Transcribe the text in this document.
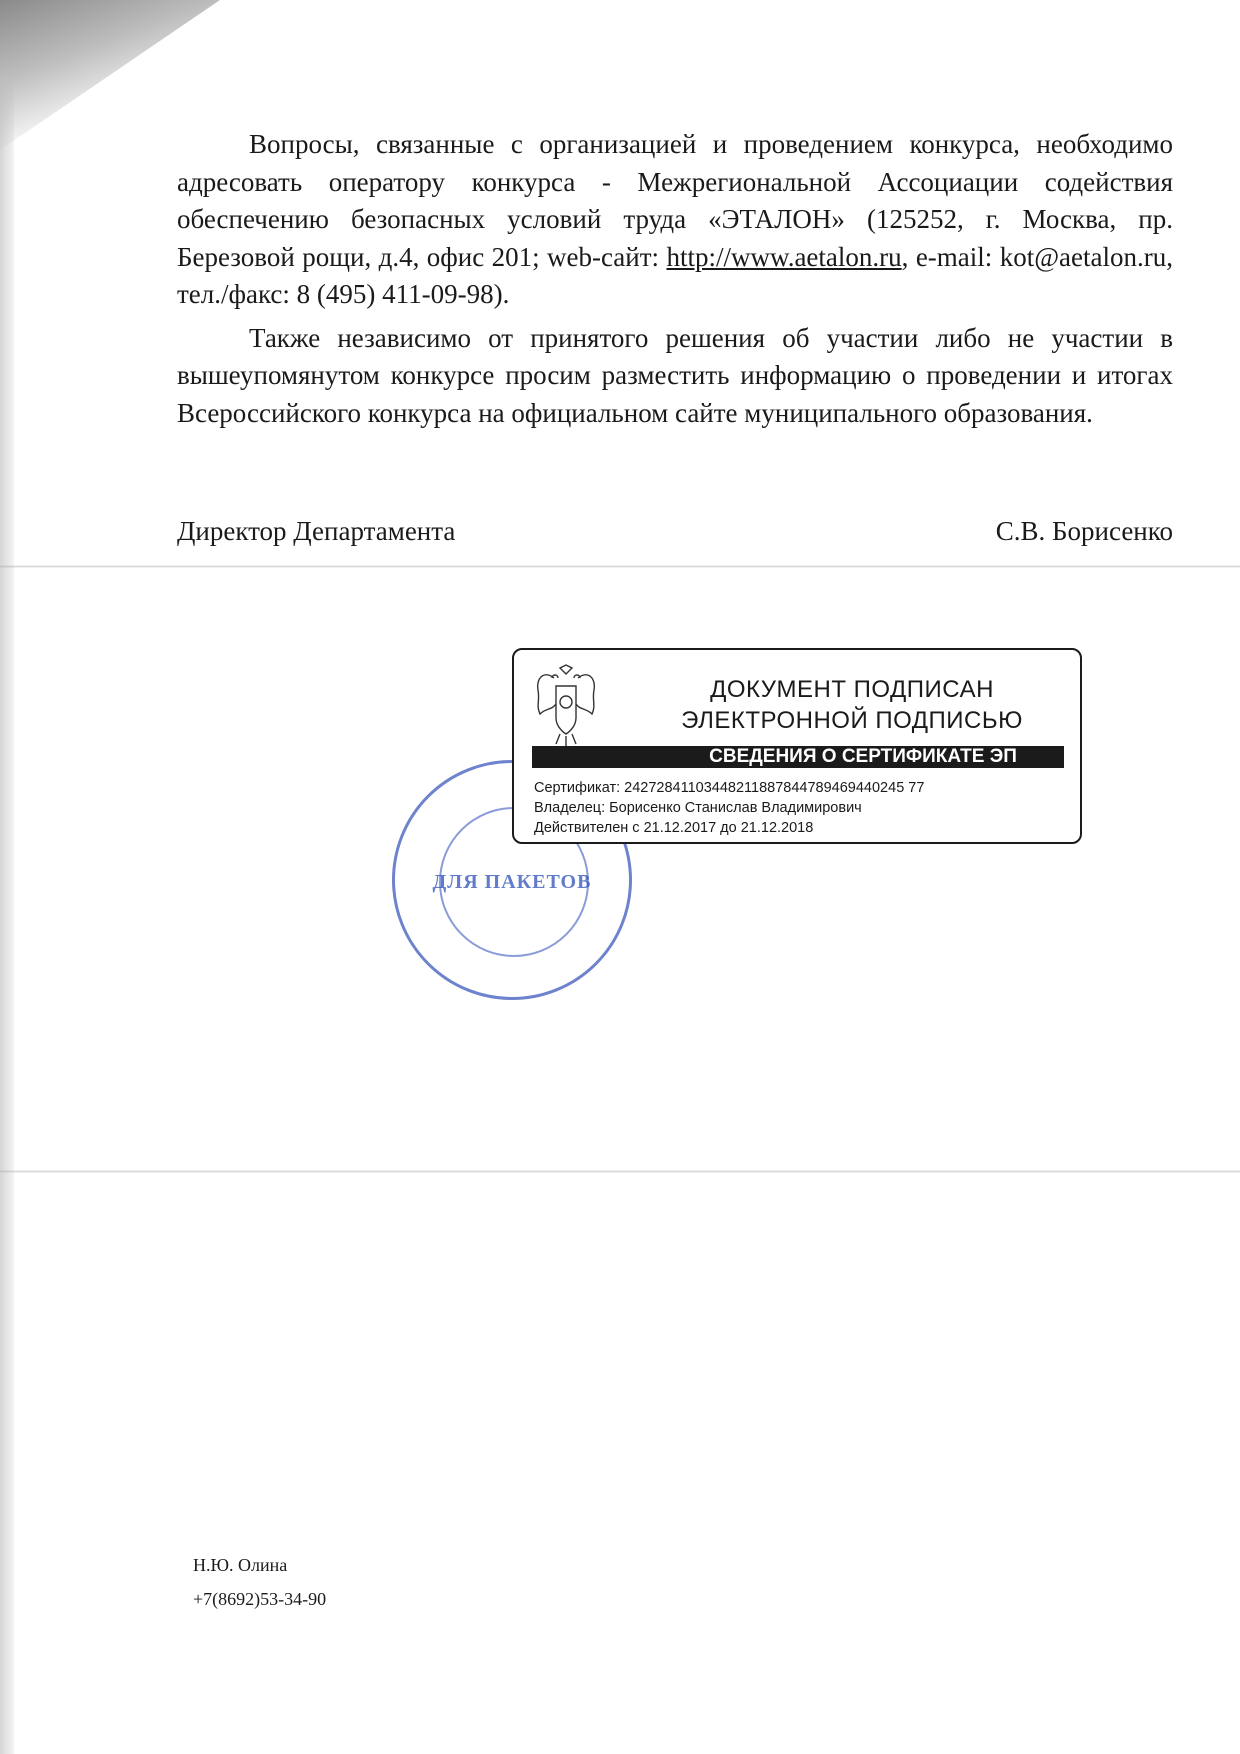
Вопросы, связанные с организацией и проведением конкурса, необходимо адресовать оператору конкурса - Межрегиональной Ассоциации содействия обеспечению безопасных условий труда «ЭТАЛОН» (125252, г. Москва, пр. Березовой рощи, д.4, офис 201; web-сайт: http://www.aetalon.ru, e-mail: kot@aetalon.ru, тел./факс: 8 (495) 411-09-98).

Также независимо от принятого решения об участии либо не участии в вышеупомянутом конкурсе просим разместить информацию о проведении и итогах Всероссийского конкурса на официальном сайте муниципального образования.

Директор Департамента	С.В. Борисенко
ДЛЯ ПАКЕТОВ
ДОКУМЕНТ ПОДПИСАН
ЭЛЕКТРОННОЙ ПОДПИСЬЮ
СВЕДЕНИЯ О СЕРТИФИКАТЕ ЭП
Сертификат: 24272841103448211887844789469440245 77
Владелец: Борисенко Станислав Владимирович
Действителен с 21.12.2017 до 21.12.2018
Н.Ю. Олина
+7(8692)53-34-90
